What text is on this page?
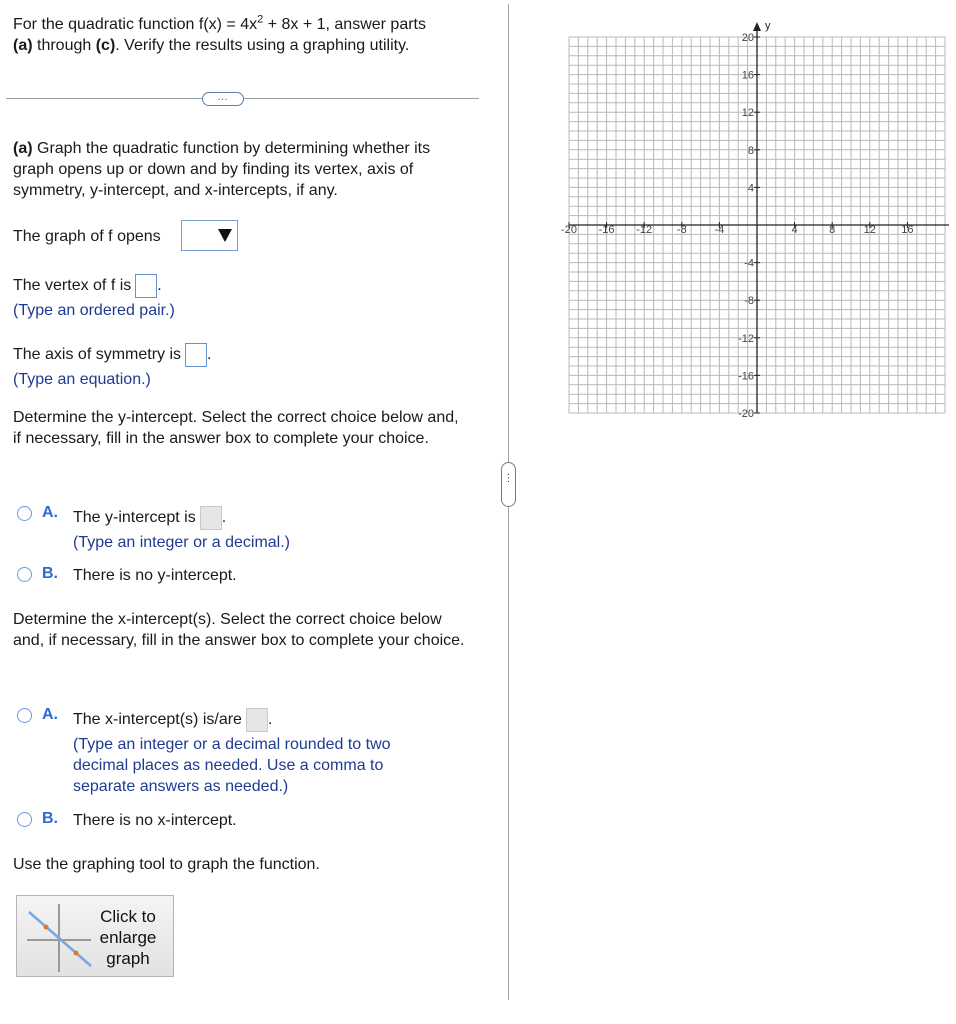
For the quadratic function $f(x) = 4x^2 + 8x + 1$, answer parts
(a) through (c). Verify the results using a graphing utility.
…
(a) Graph the quadratic function by determining whether its graph opens up or down and by finding its vertex, axis of symmetry, y-intercept, and x-intercepts, if any.
The graph of f opens
The vertex of f is .
(Type an ordered pair.)
The axis of symmetry is .
(Type an equation.)
Determine the y-intercept. Select the correct choice below and, if necessary, fill in the answer box to complete your choice.
A. The y-intercept is .
(Type an integer or a decimal.)
B. There is no y-intercept.
Determine the x-intercept(s). Select the correct choice below and, if necessary, fill in the answer box to complete your choice.
A. The x-intercept(s) is/are .
(Type an integer or a decimal rounded to two decimal places as needed. Use a comma to separate answers as needed.)
B. There is no x-intercept.
Use the graphing tool to graph the function.
Click to enlarge graph
⋮
y
-20 -16 -12 -8	-4	4	8	12 16
20
16
12
8
4
-4
-8
-12
-16
-20
